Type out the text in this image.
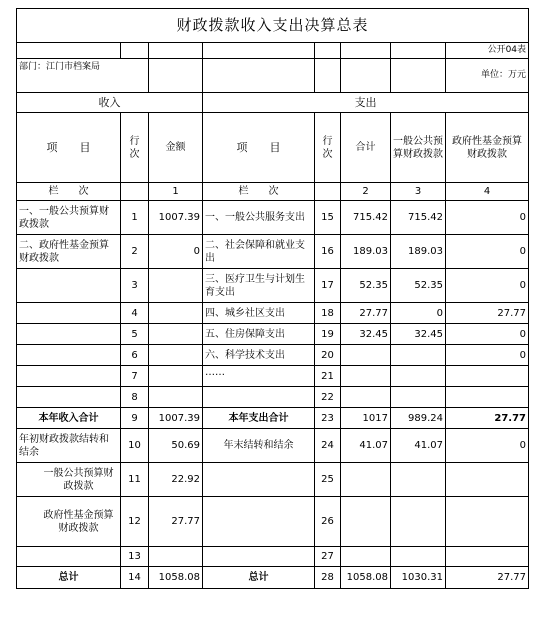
财政拨款收入支出决算总表							
							公开04表
部门：江门市档案局							单位：万元
收入			支出				
项　　目	行次	金额	项　　目	行次	合计	一般公共预算财政拨款	政府性基金预算财政拨款
栏　　次		1	栏　　次		2	3	4
一、一般公共预算财政拨款	1	1007.39	一、一般公共服务支出	15	715.42	715.42	0
二、政府性基金预算财政拨款	2	0	二、社会保障和就业支出	16	189.03	189.03	0
	3		三、医疗卫生与计划生育支出	17	52.35	52.35	0
	4		四、城乡社区支出	18	27.77	0	27.77
	5		五、住房保障支出	19	32.45	32.45	0
	6		六、科学技术支出	20			0
	7		……	21			
	8			22			
本年收入合计	9	1007.39	本年支出合计	23	1017	989.24	27.77
年初财政拨款结转和结余	10	50.69	年末结转和结余	24	41.07	41.07	0
一般公共预算财政拨款	11	22.92		25			
政府性基金预算财政拨款	12	27.77		26			
	13			27			
总计	14	1058.08	总计	28	1058.08	1030.31	27.77
